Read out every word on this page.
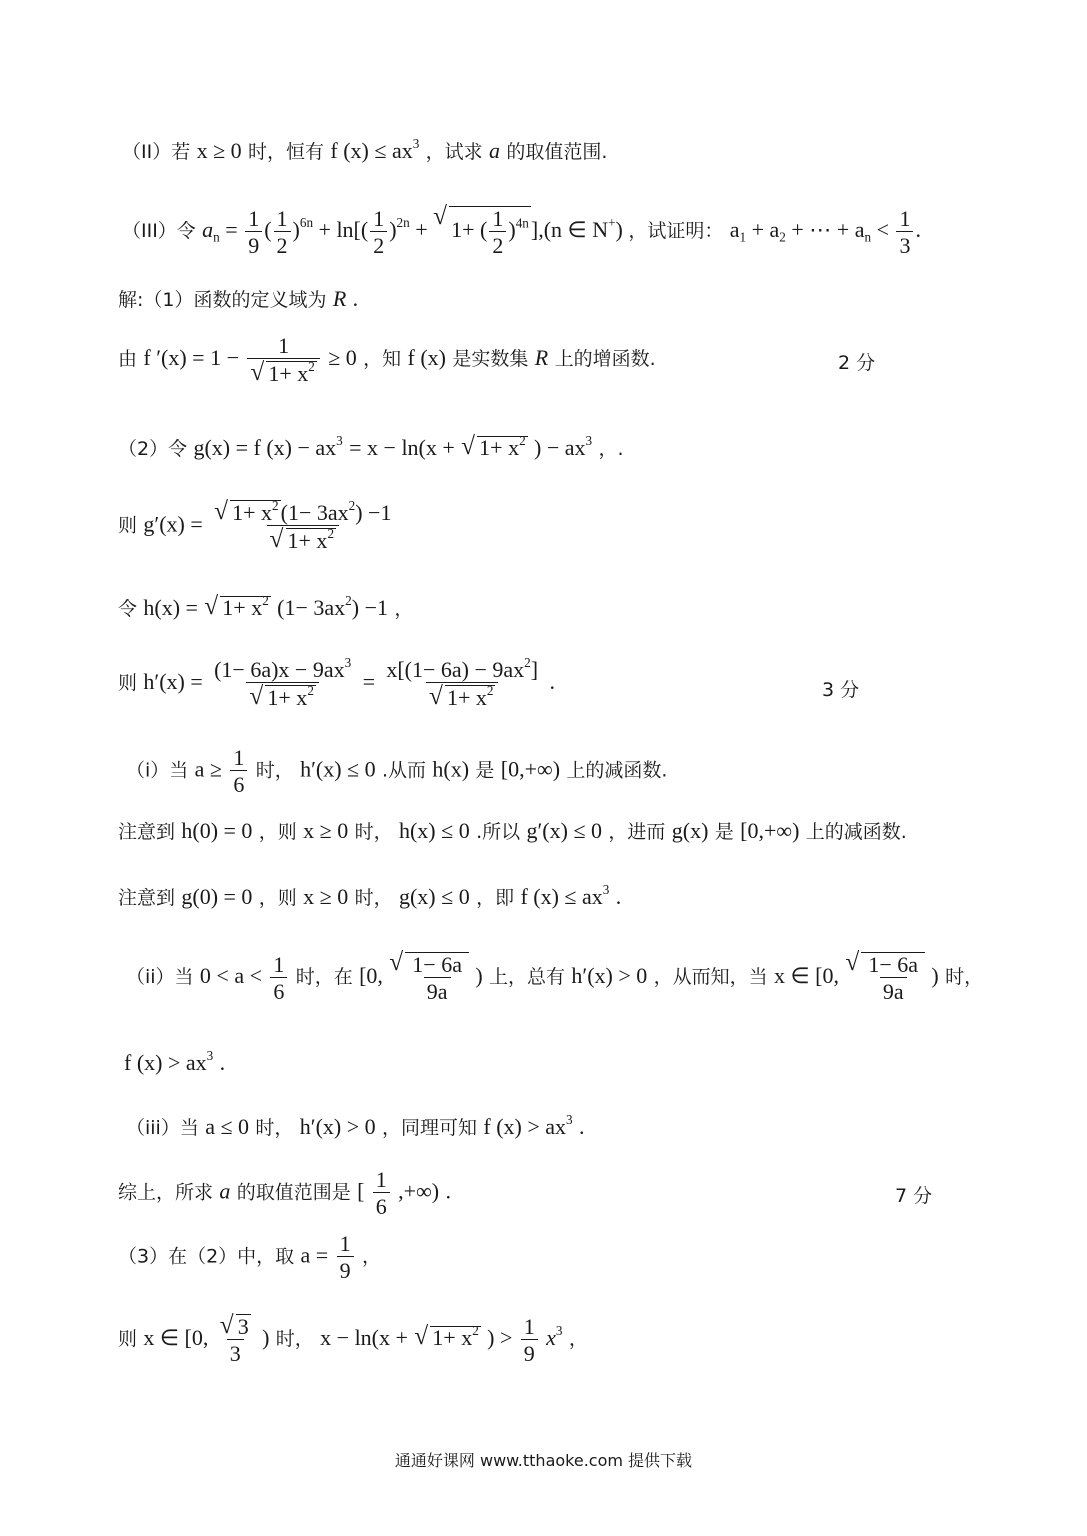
（II）若 x ≥ 0 时，恒有 f $(x) \le ax^3$ ，试求 a 的取值范围.
（III）令 $a_n = \frac{1}{9}$ ( $\frac{1}{2} )^{6n} + \ln[( \frac{1}{2} )^{2n}$ + √ 1+ ( $\frac{1}{2} )^{4n}],(n$ ∈ N+) ，试证明： $a_1 + a_2$ + ⋯ + $a_n < \frac{1}{3}$ .
解:（1）函数的定义域为 R .
由 f ′(x) = 1 − 1
√ $1+ x^2 \ge 0$ ，知 f (x) 是实数集 R 上的增函数.	2 分
（2）令 g(x) = f $(x) - ax^3 = x - \ln(x$ + √ $1+ x^2$ ) − $ax^3$ ，.
则 g′(x) = √ $1+ x^2(1- 3ax^2) -1$
√ $1+ x^2$
令 h(x) = √ $1+ x^2$ $(1- 3ax^2) -1$ ，
则 $h'(x) = (1- 6a)x - 9ax^3$
√ $1+ x^2 = x[(1- 6a) - 9ax^2]$
√ $1+ x^2$ .	3 分
（i）当 $a \ge \frac{1}{6}$ 时， h′(x) ≤ 0 .从而 h(x) 是 [0,+∞) 上的减函数.
注意到 h(0) = 0 ，则 x ≥ 0 时， h(x) ≤ 0 .所以 g′(x) ≤ 0 ，进而 g(x) 是 [0,+∞) 上的减函数.
注意到 g(0) = 0 ，则 x ≥ 0 时， g(x) ≤ 0 ，即 f $(x) \le ax^3$ .
（ii）当 $0 < a < \frac{1}{6}$ 时，在 [0, √ $\frac{1- 6a}{9a}$ ) 上，总有 h′(x) > 0 ，从而知，当 x ∈ [0, √ $\frac{1- 6a}{9a}$ ) 时，
f $(x) > ax^3$ .
（iii）当 a ≤ 0 时， h′(x) > 0 ，同理可知 f $(x) > ax^3$ .
综上，所求 a 的取值范围是 [ $\frac{1}{6}$ ,+∞) .	7 分
（3）在（2）中，取 $a = \frac{1}{9}$ ，
则 x ∈ [0, √ $\frac{3}{3}$ ) 时， x − ln(x + √ $1+ x^2$ ) > $\frac{1}{9} x^3$ ，
通通好课网 www.tthaoke.com 提供下载
